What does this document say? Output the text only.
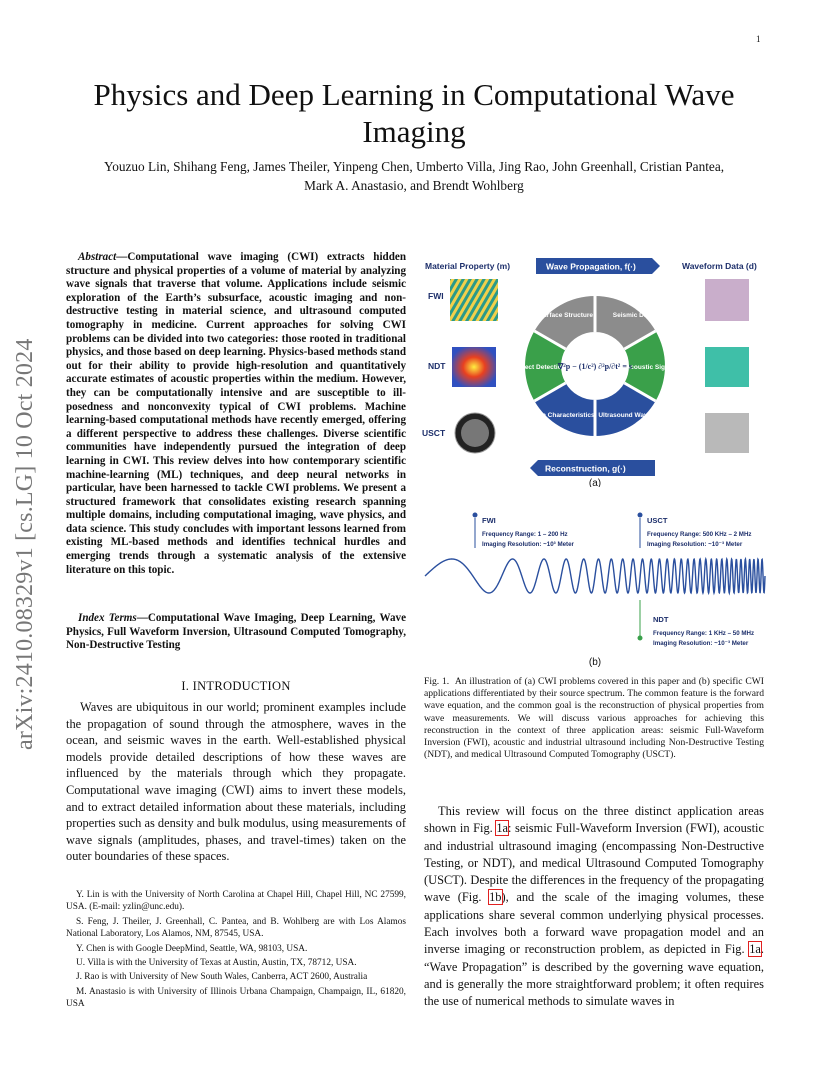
1
arXiv:2410.08329v1 [cs.LG] 10 Oct 2024
Physics and Deep Learning in Computational Wave Imaging
Youzuo Lin, Shihang Feng, James Theiler, Yinpeng Chen, Umberto Villa, Jing Rao, John Greenhall, Cristian Pantea, Mark A. Anastasio, and Brendt Wohlberg

Abstract—Computational wave imaging (CWI) extracts hidden structure and physical properties of a volume of material by analyzing wave signals that traverse that volume. Applications include seismic exploration of the Earth’s subsurface, acoustic imaging and non-destructive testing in material science, and ultrasound computed tomography in medicine. Current approaches for solving CWI problems can be divided into two categories: those rooted in traditional physics, and those based on deep learning. Physics-based methods stand out for their ability to provide high-resolution and quantitatively accurate estimates of acoustic properties within the medium. However, they can be computationally intensive and are susceptible to ill-posedness and nonconvexity typical of CWI problems. Machine learning-based computational methods have recently emerged, offering a different perspective to address these challenges. Diverse scientific communities have independently pursued the integration of deep learning in CWI. This review delves into how contemporary scientific machine-learning (ML) techniques, and deep neural networks in particular, have been harnessed to tackle CWI problems. We present a structured framework that consolidates existing research spanning multiple domains, including computational imaging, wave physics, and data science. This study concludes with important lessons learned from existing ML-based methods and identifies technical hurdles and emerging trends through a systematic analysis of the extensive literature on this topic.

Index Terms—Computational Wave Imaging, Deep Learning, Wave Physics, Full Waveform Inversion, Ultrasound Computed Tomography, Non-Destructive Testing

I. INTRODUCTION

Waves are ubiquitous in our world; prominent examples include the propagation of sound through the atmosphere, waves in the ocean, and seismic waves in the earth. Well-established physical models provide detailed descriptions of how these waves are influenced by the materials through which they propagate. Computational wave imaging (CWI) aims to invert these models, and to extract detailed information about these materials, including properties such as density and bulk modulus, using measurements of wave signals (amplitudes, phases, and travel-times) taken on the outer boundaries of these spaces.

Y. Lin is with the University of North Carolina at Chapel Hill, Chapel Hill, NC 27599, USA. (E-mail: yzlin@unc.edu).

S. Feng, J. Theiler, J. Greenhall, C. Pantea, and B. Wohlberg are with Los Alamos National Laboratory, Los Alamos, NM, 87545, USA.

Y. Chen is with Google DeepMind, Seattle, WA, 98103, USA.

U. Villa is with the University of Texas at Austin, Austin, TX, 78712, USA.

J. Rao is with University of New South Wales, Canberra, ACT 2600, Australia

M. Anastasio is with University of Illinois Urbana Champaign, Champaign, IL, 61820, USA

Material Property (m)	Wave Propagation, f(·)	Waveform Data (d)
FWI
NDT
USCT
Subsurface Structure	Seismic Data
Acoustic Signal
Ultrasound Waveform
Tissue Characteristics
Defect Detection
∇²p − (1/c²) ∂²p/∂t² = s
Reconstruction, g(·)
(a)
FWI
Frequency Range: 1 – 200 Hz
Imaging Resolution: ~10³ Meter
USCT
Frequency Range: 500 KHz – 2 MHz
Imaging Resolution: ~10⁻³ Meter
NDT
Frequency Range: 1 KHz – 50 MHz
Imaging Resolution: ~10⁻³ Meter
(b)

Fig. 1. An illustration of (a) CWI problems covered in this paper and (b) specific CWI applications differentiated by their source spectrum. The common feature is the forward wave equation, and the common goal is the reconstruction of physical properties from wave measurements. We will discuss various approaches for achieving this reconstruction in the context of three application areas: seismic Full-Waveform Inversion (FWI), acoustic and industrial ultrasound including Non-Destructive Testing (NDT), and medical Ultrasound Computed Tomography (USCT).

This review will focus on the three distinct application areas shown in Fig. 1a: seismic Full-Waveform Inversion (FWI), acoustic and industrial ultrasound imaging (encompassing Non-Destructive Testing, or NDT), and medical Ultrasound Computed Tomography (USCT). Despite the differences in the frequency of the propagating wave (Fig. 1b), and the scale of the imaging volumes, these applications share several common underlying physical processes. Each involves both a forward wave propagation model and an inverse imaging or reconstruction problem, as depicted in Fig. 1a. “Wave Propagation” is described by the governing wave equation, and is generally the more straightforward problem; it often requires the use of numerical methods to simulate waves in
